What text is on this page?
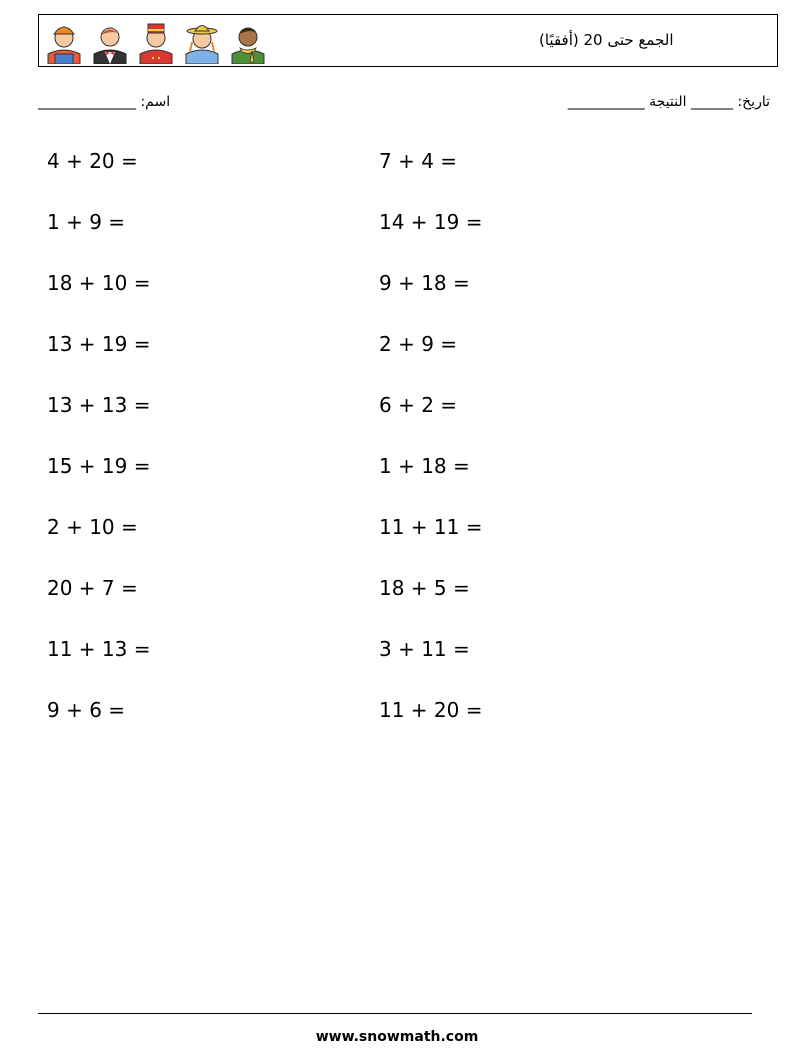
الجمع حتى 20 (أفقيًا)
اسم: ______________	تاريخ: ______ النتيجة ___________
4 + 20 =
1 + 9 =
18 + 10 =
13 + 19 =
13 + 13 =
15 + 19 =
2 + 10 =
20 + 7 =
11 + 13 =
9 + 6 =
7 + 4 =
14 + 19 =
9 + 18 =
2 + 9 =
6 + 2 =
1 + 18 =
11 + 11 =
18 + 5 =
3 + 11 =
11 + 20 =
www.snowmath.com
